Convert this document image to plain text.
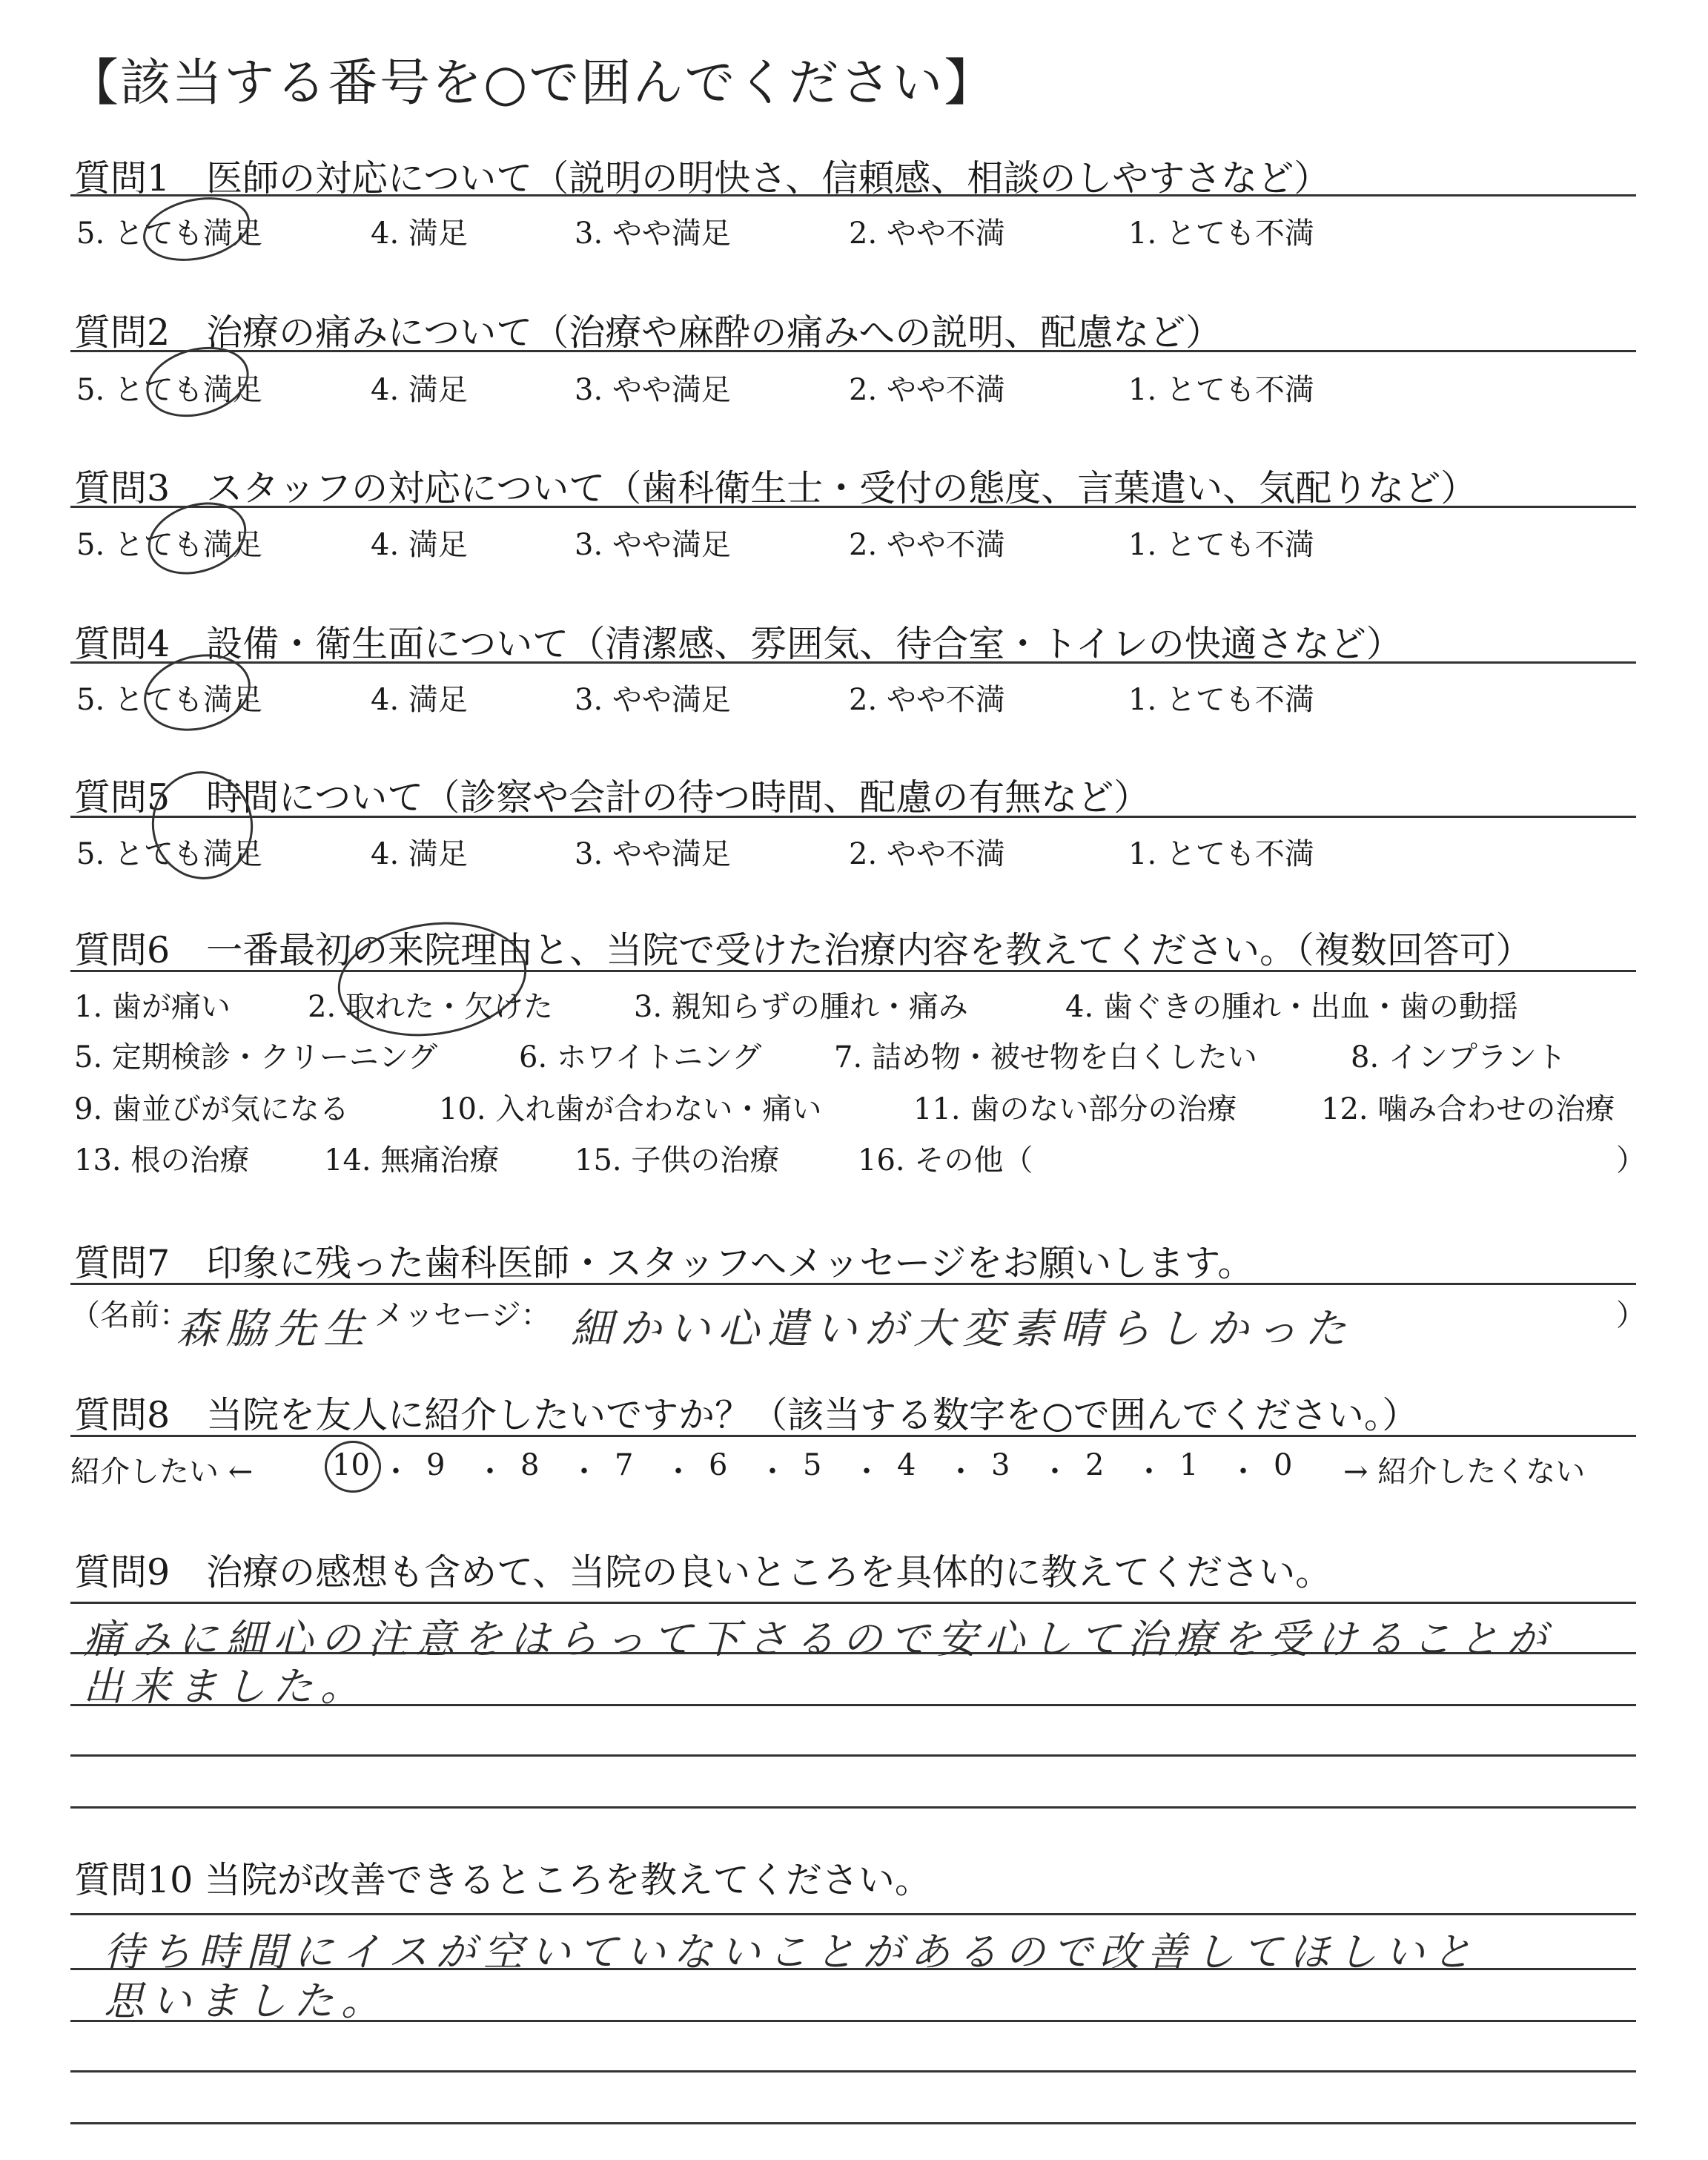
【該当する番号を○で囲んでください】
質問1　医師の対応について（説明の明快さ、信頼感、相談のしやすさなど）
5. とても満足	4. 満足	3. やや満足	2. やや不満	1. とても不満
質問2　治療の痛みについて（治療や麻酔の痛みへの説明、配慮など）
5. とても満足	4. 満足	3. やや満足	2. やや不満	1. とても不満
質問3　スタッフの対応について（歯科衛生士・受付の態度、言葉遣い、気配りなど）
5. とても満足	4. 満足	3. やや満足	2. やや不満	1. とても不満
質問4　設備・衛生面について（清潔感、雰囲気、待合室・トイレの快適さなど）
5. とても満足	4. 満足	3. やや満足	2. やや不満	1. とても不満
質問5　時間について（診察や会計の待つ時間、配慮の有無など）
5. とても満足	4. 満足	3. やや満足	2. やや不満	1. とても不満
質問6　一番最初の来院理由と、当院で受けた治療内容を教えてください。（複数回答可）
1. 歯が痛い	2. 取れた・欠けた	3. 親知らずの腫れ・痛み	4. 歯ぐきの腫れ・出血・歯の動揺
5. 定期検診・クリーニング	6. ホワイトニング 7. 詰め物・被せ物を白くしたい	8. インプラント
9. 歯並びが気になる	10. 入れ歯が合わない・痛い	11. 歯のない部分の治療	12. 噛み合わせの治療
13. 根の治療	14. 無痛治療	15. 子供の治療	16. その他（	）
質問7　印象に残った歯科医師・スタッフへメッセージをお願いします。
（名前：
森脇先生 メッセージ： 細かい心遣いが大変素晴らしかった	）
質問8　当院を友人に紹介したいですか？（該当する数字を○で囲んでください。）
紹介したい ←	10 ・ 9 ・ 8 ・ 7 ・ 6 ・ 5 ・ 4 ・ 3 ・ 2 ・ 1 ・ 0 → 紹介したくない
質問9　治療の感想も含めて、当院の良いところを具体的に教えてください。
痛みに細心の注意をはらって下さるので安心して治療を受けることが
出来ました。
質問10 当院が改善できるところを教えてください。
待ち時間にイスが空いていないことがあるので改善してほしいと
思いました。
